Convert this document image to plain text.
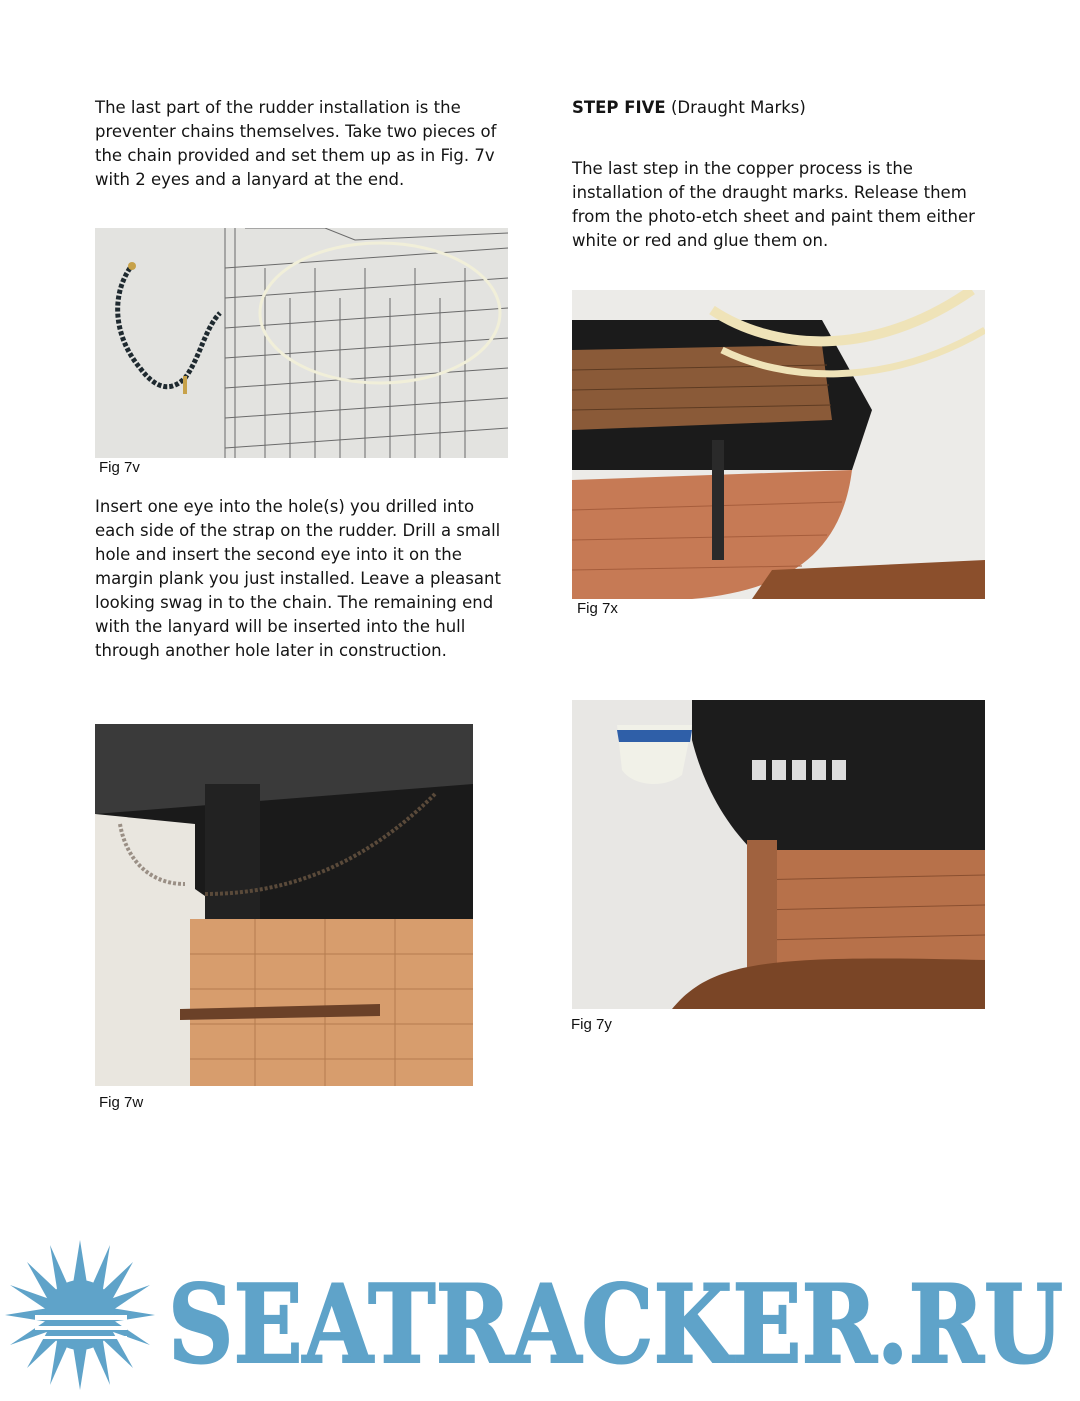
The last part of the rudder installation is the preventer chains themselves. Take two pieces of the chain provided and set them up as in Fig. 7v with 2 eyes and a lanyard at the end.

Fig 7v

Insert one eye into the hole(s) you drilled into each side of the strap on the rudder. Drill a small hole and insert the second eye into it on the margin plank you just installed. Leave a pleasant looking swag in to the chain. The remaining end with the lanyard will be inserted into the hull through another hole later in construction.

Fig 7w

STEP FIVE (Draught Marks)

The last step in the copper process is the installation of the draught marks. Release them from the photo-etch sheet and paint them either white or red and glue them on.

Fig 7x
Fig 7y
SEATRACKER.RU
